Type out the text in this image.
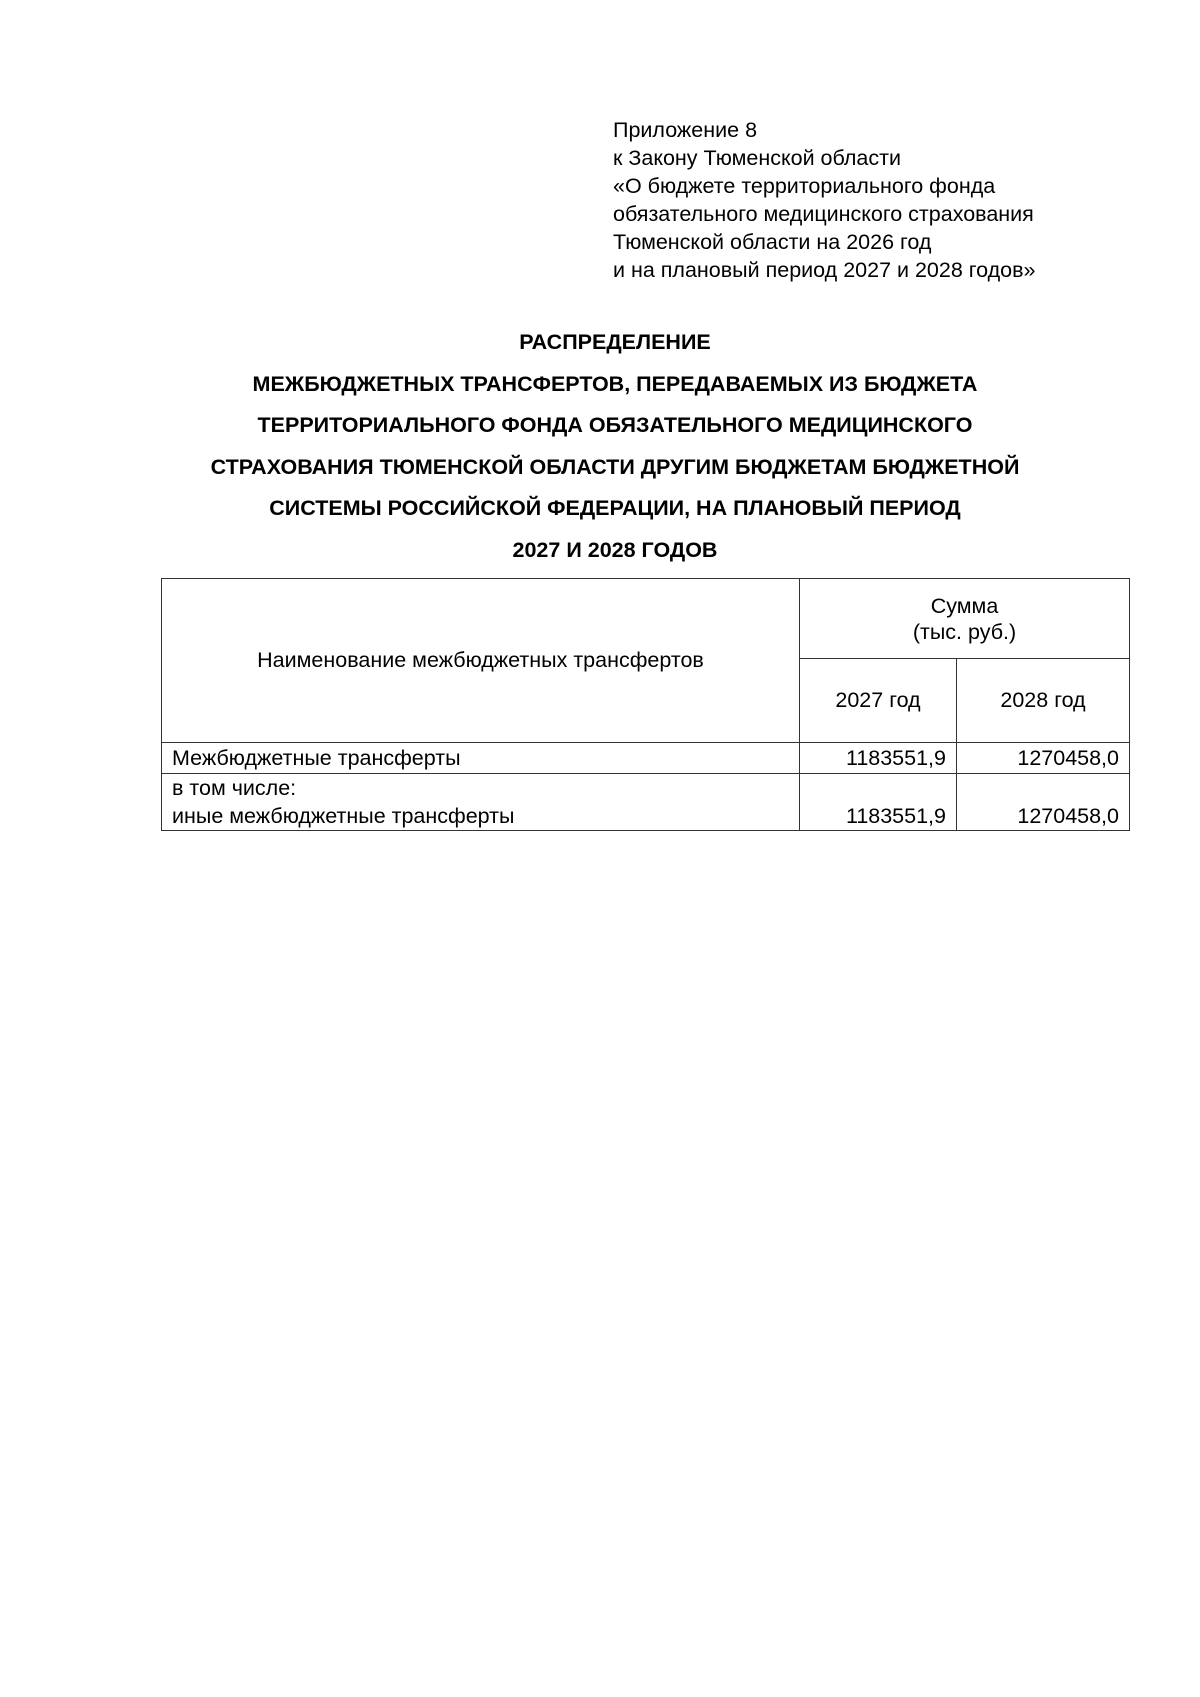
Приложение 8
к Закону Тюменской области
«О бюджете территориального фонда
обязательного медицинского страхования
Тюменской области на 2026 год
и на плановый период 2027 и 2028 годов»
РАСПРЕДЕЛЕНИЕ
МЕЖБЮДЖЕТНЫХ ТРАНСФЕРТОВ, ПЕРЕДАВАЕМЫХ ИЗ БЮДЖЕТА
ТЕРРИТОРИАЛЬНОГО ФОНДА ОБЯЗАТЕЛЬНОГО МЕДИЦИНСКОГО
СТРАХОВАНИЯ ТЮМЕНСКОЙ ОБЛАСТИ ДРУГИМ БЮДЖЕТАМ БЮДЖЕТНОЙ
СИСТЕМЫ РОССИЙСКОЙ ФЕДЕРАЦИИ, НА ПЛАНОВЫЙ ПЕРИОД
2027 И 2028 ГОДОВ
Наименование межбюджетных трансфертов	Сумма
(тыс. руб.)	

	2027 год	2028 год
Межбюджетные трансферты	1183551,9	1270458,0

в том числе:
иные межбюджетные трансферты	1183551,9	1270458,0
